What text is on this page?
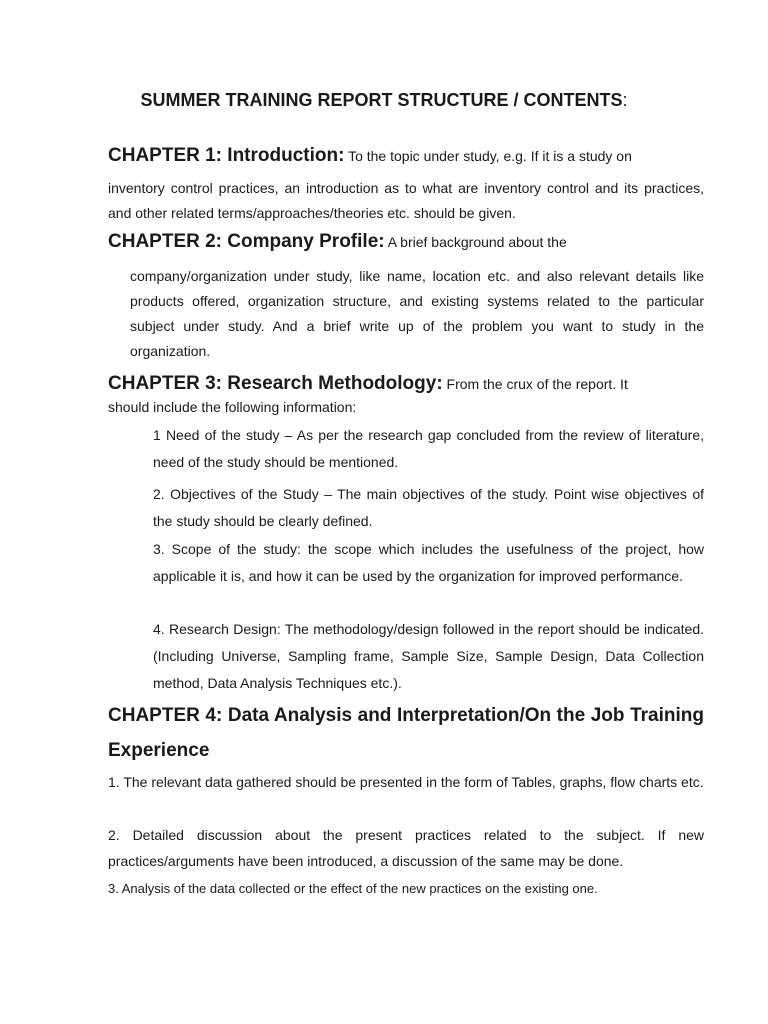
SUMMER TRAINING REPORT STRUCTURE / CONTENTS:
CHAPTER 1: Introduction: To the topic under study, e.g. If it is a study on
inventory control practices, an introduction as to what are inventory control and its practices, and other related terms/approaches/theories etc. should be given.
CHAPTER 2: Company Profile: A brief background about the
company/organization under study, like name, location etc. and also relevant details like products offered, organization structure, and existing systems related to the particular subject under study. And a brief write up of the problem you want to study in the organization.
CHAPTER 3: Research Methodology: From the crux of the report. It
should include the following information:
1 Need of the study – As per the research gap concluded from the review of literature, need of the study should be mentioned.
2. Objectives of the Study – The main objectives of the study. Point wise objectives of the study should be clearly defined.
3. Scope of the study: the scope which includes the usefulness of the project, how applicable it is, and how it can be used by the organization for improved performance.
4. Research Design: The methodology/design followed in the report should be indicated. (Including Universe, Sampling frame, Sample Size, Sample Design, Data Collection method, Data Analysis Techniques etc.).
CHAPTER 4: Data Analysis and Interpretation/On the Job Training Experience
1. The relevant data gathered should be presented in the form of Tables, graphs, flow charts etc.
2. Detailed discussion about the present practices related to the subject. If new practices/arguments have been introduced, a discussion of the same may be done.
3. Analysis of the data collected or the effect of the new practices on the existing one.
